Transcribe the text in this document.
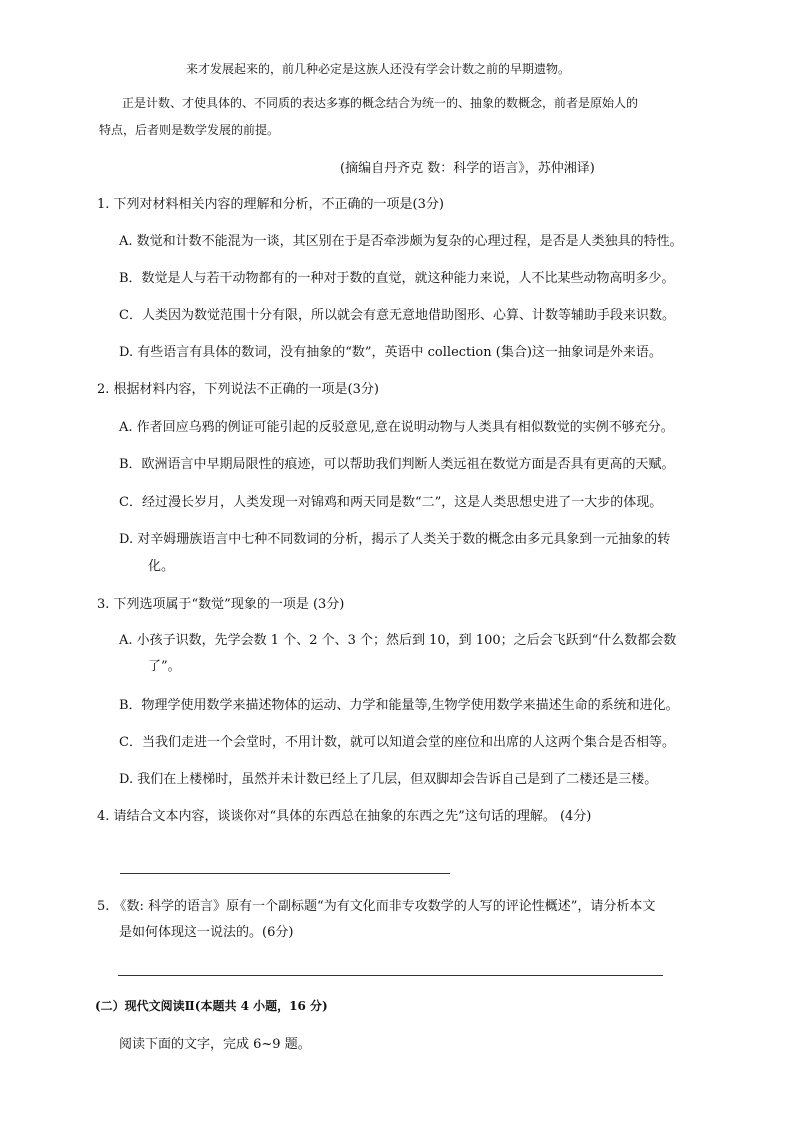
来才发展起来的，前几种必定是这族人还没有学会计数之前的早期遗物。
正是计数、才使具体的、不同质的表达多寡的概念结合为统一的、抽象的数概念，前者是原始人的
特点，后者则是数学发展的前提。
(摘编自丹齐克 数：科学的语言》，苏仲湘译)
1. 下列对材料相关内容的理解和分析，不正确的一项是(3分)
A. 数觉和计数不能混为一谈，其区别在于是否牵涉颇为复杂的心理过程，是否是人类独具的特性。
B．数觉是人与若干动物都有的一种对于数的直觉，就这种能力来说，人不比某些动物高明多少。
C．人类因为数觉范围十分有限，所以就会有意无意地借助图形、心算、计数等辅助手段来识数。
D. 有些语言有具体的数词，没有抽象的“数”，英语中 collection (集合)这一抽象词是外来语。
2. 根据材料内容，下列说法不正确的一项是(3分)
A. 作者回应乌鸦的例证可能引起的反驳意见,意在说明动物与人类具有相似数觉的实例不够充分。
B．欧洲语言中早期局限性的痕迹，可以帮助我们判断人类远祖在数觉方面是否具有更高的天赋。
C．经过漫长岁月，人类发现一对锦鸡和两天同是数“二”，这是人类思想史进了一大步的体现。
D. 对辛姆珊族语言中七种不同数词的分析，揭示了人类关于数的概念由多元具象到一元抽象的转
化。
3. 下列选项属于“数觉”现象的一项是 (3分)
A. 小孩子识数，先学会数 1 个、2 个、3 个；然后到 10，到 100；之后会飞跃到“什么数都会数
了”。
B．物理学使用数学来描述物体的运动、力学和能量等,生物学使用数学来描述生命的系统和进化。
C．当我们走进一个会堂时，不用计数，就可以知道会堂的座位和出席的人这两个集合是否相等。
D. 我们在上楼梯时，虽然并未计数已经上了几层，但双脚却会告诉自己是到了二楼还是三楼。
4. 请结合文本内容，谈谈你对“具体的东西总在抽象的东西之先”这句话的理解。 (4分)
5. 《数: 科学的语言》原有一个副标题“为有文化而非专攻数学的人写的评论性概述”，请分析本文
是如何体现这一说法的。(6分)
(二）现代文阅读Ⅱ(本题共 4 小题，16 分)
阅读下面的文字，完成 6~9 题。
